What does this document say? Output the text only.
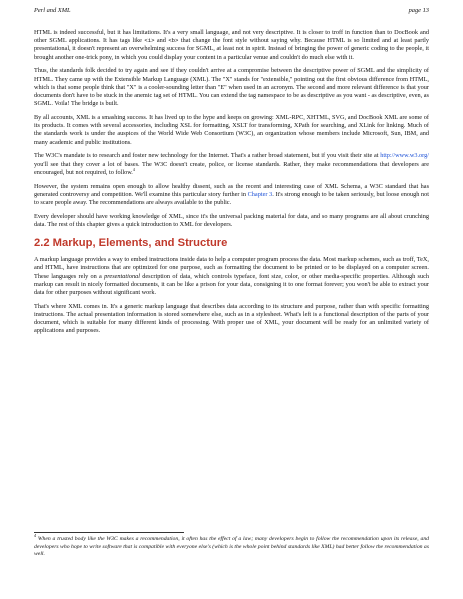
Perl and XML	page 13

HTML is indeed successful, but it has limitations. It's a very small language, and not very descriptive. It is closer to troff in function than to DocBook and other SGML applications. It has tags like <i> and <b> that change the font style without saying why. Because HTML is so limited and at least partly presentational, it doesn't represent an overwhelming success for SGML, at least not in spirit. Instead of bringing the power of generic coding to the people, it brought another one-trick pony, in which you could display your content in a particular venue and couldn't do much else with it.

Thus, the standards folk decided to try again and see if they couldn't arrive at a compromise between the descriptive power of SGML and the simplicity of HTML. They came up with the Extensible Markup Language (XML). The "X" stands for "extensible," pointing out the first obvious difference from HTML, which is that some people think that "X" is a cooler-sounding letter than "E" when used in an acronym. The second and more relevant difference is that your documents don't have to be stuck in the anemic tag set of HTML. You can extend the tag namespace to be as descriptive as you want - as descriptive, even, as SGML. Voila! The bridge is built.

By all accounts, XML is a smashing success. It has lived up to the hype and keeps on growing: XML-RPC, XHTML, SVG, and DocBook XML are some of its products. It comes with several accessories, including XSL for formatting, XSLT for transforming, XPath for searching, and XLink for linking. Much of the standards work is under the auspices of the World Wide Web Consortium (W3C), an organization whose members include Microsoft, Sun, IBM, and many academic and public institutions.

The W3C's mandate is to research and foster new technology for the Internet. That's a rather broad statement, but if you visit their site at http://www.w3.org/ you'll see that they cover a lot of bases. The W3C doesn't create, police, or license standards. Rather, they make recommendations that developers are encouraged, but not required, to follow.$^4$

However, the system remains open enough to allow healthy dissent, such as the recent and interesting case of XML Schema, a W3C standard that has generated controversy and competition. We'll examine this particular story further in Chapter 3. It's strong enough to be taken seriously, but loose enough not to scare people away. The recommendations are always available to the public.

Every developer should have working knowledge of XML, since it's the universal packing material for data, and so many programs are all about crunching data. The rest of this chapter gives a quick introduction to XML for developers.

2.2 Markup, Elements, and Structure

A markup language provides a way to embed instructions inside data to help a computer program process the data. Most markup schemes, such as troff, TeX, and HTML, have instructions that are optimized for one purpose, such as formatting the document to be printed or to be displayed on a computer screen. These languages rely on a presentational description of data, which controls typeface, font size, color, or other media-specific properties. Although such markup can result in nicely formatted documents, it can be like a prison for your data, consigning it to one format forever; you won't be able to extract your data for other purposes without significant work.

That's where XML comes in. It's a generic markup language that describes data according to its structure and purpose, rather than with specific formatting instructions. The actual presentation information is stored somewhere else, such as in a stylesheet. What's left is a functional description of the parts of your document, which is suitable for many different kinds of processing. With proper use of XML, your document will be ready for an unlimited variety of applications and purposes.

$^4$ When a trusted body like the W3C makes a recommendation, it often has the effect of a law; many developers begin to follow the recommendation upon its release, and developers who hope to write software that is compatible with everyone else's (which is the whole point behind standards like XML) had better follow the recommendation as well.
